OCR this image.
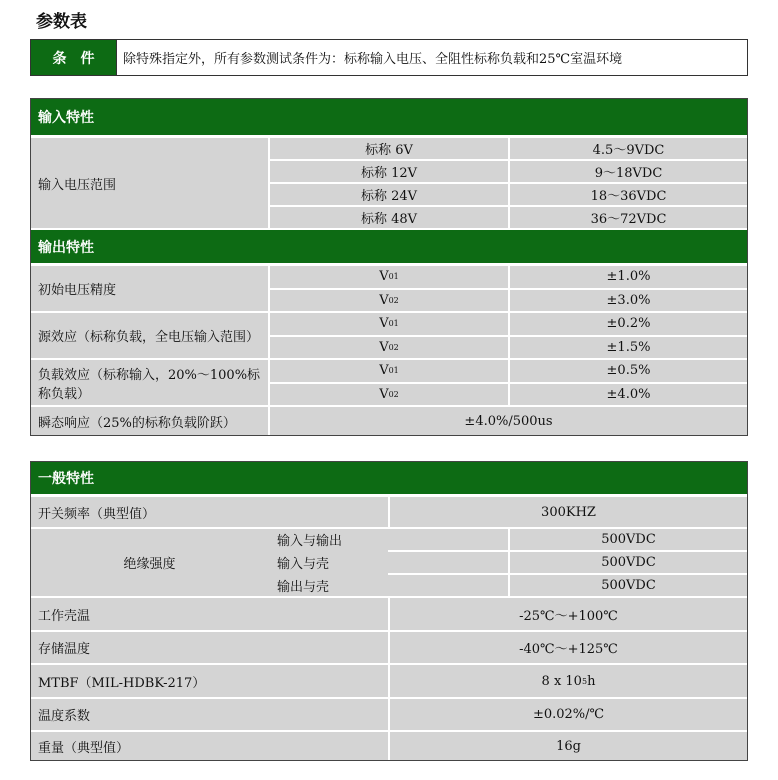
参数表
条件	除特殊指定外，所有参数测试条件为：标称输入电压、全阻性标称负载和25℃室温环境
输入特性
输入电压范围
标称 6V	4.5～9VDC
标称 12V	9～18VDC
标称 24V	18～36VDC
标称 48V	36～72VDC
输出特性
初始电压精度
V 01	±1.0%
V 02	±3.0%
源效应（标称负载，全电压输入范围）
V 01	±0.2%
V 02	±1.5%
负载效应（标称输入，20%～100%标称负载）
V 01	±0.5%
V 02	±4.0%
瞬态响应（25%的标称负载阶跃）	±4.0%/500us
一般特性
开关频率（典型值）	300KHZ
绝缘强度
输入与输出	500VDC
输入与壳	500VDC
输出与壳	500VDC
工作壳温	-25℃～+100℃
存储温度	-40℃～+125℃
MTBF（MIL-HDBK-217）	8 x 10 5 h
温度系数	±0.02%/℃
重量（典型值）	16g
